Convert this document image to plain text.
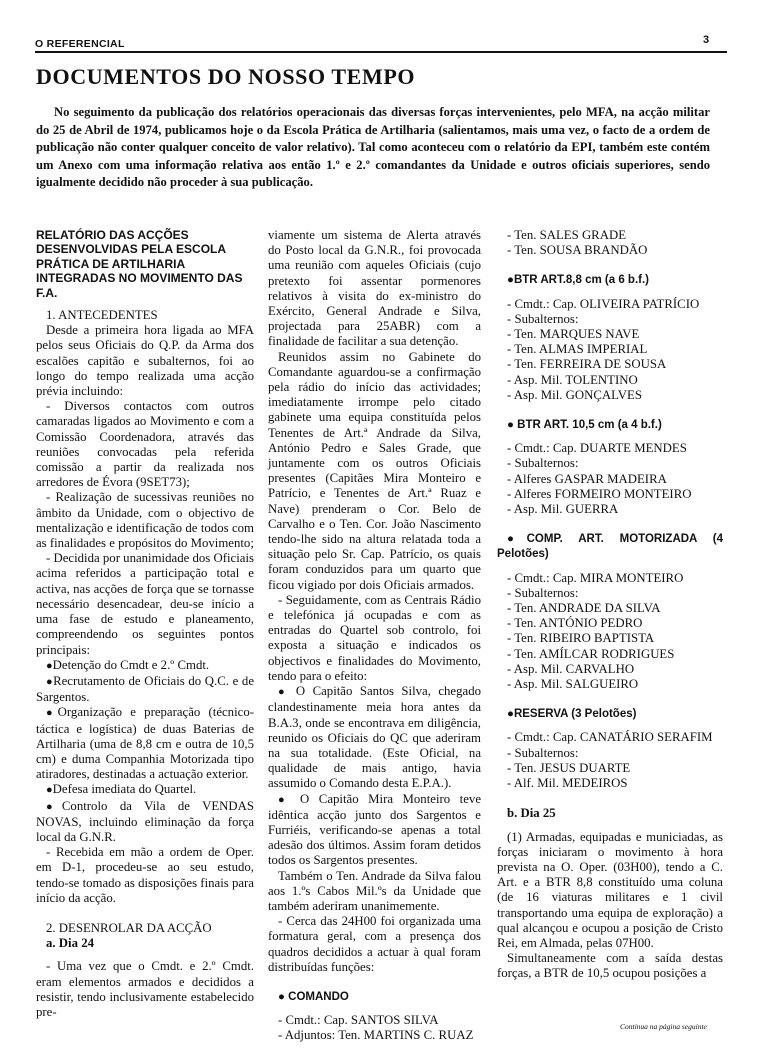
O REFERENCIAL	3
DOCUMENTOS DO NOSSO TEMPO
No seguimento da publicação dos relatórios operacionais das diversas forças intervenientes, pelo MFA, na acção militar do 25 de Abril de 1974, publicamos hoje o da Escola Prática de Artilharia (salientamos, mais uma vez, o facto de a ordem de publicação não conter qualquer conceito de valor relativo). Tal como aconteceu com o relatório da EPI, também este contém um Anexo com uma informação relativa aos então 1.º e 2.º comandantes da Unidade e outros oficiais superiores, sendo igualmente decidido não proceder à sua publicação.
RELATÓRIO DAS ACÇÕES DESENVOLVIDAS PELA ESCOLA PRÁTICA DE ARTILHARIA INTEGRADAS NO MOVIMENTO DAS F.A.

1. ANTECEDENTES

Desde a primeira hora ligada ao MFA pelos seus Oficiais do Q.P. da Arma dos escalões capitão e subalternos, foi ao longo do tempo realizada uma acção prévia incluindo:

- Diversos contactos com outros camaradas ligados ao Movimento e com a Comissão Coordenadora, através das reuniões convocadas pela referida comissão a partir da realizada nos arredores de Évora (9SET73);

- Realização de sucessivas reuniões no âmbito da Unidade, com o objectivo de mentalização e identificação de todos com as finalidades e propósitos do Movimento;

- Decidida por unanimidade dos Oficiais acima referidos a participação total e activa, nas acções de força que se tornasse necessário desencadear, deu-se início a uma fase de estudo e planeamento, compreendendo os seguintes pontos principais:

●Detenção do Cmdt e 2.º Cmdt.

●Recrutamento de Oficiais do Q.C. e de Sargentos.

●Organização e preparação (técnico-táctica e logística) de duas Baterias de Artilharia (uma de 8,8 cm e outra de 10,5 cm) e duma Companhia Motorizada tipo atiradores, destinadas a actuação exterior.

●Defesa imediata do Quartel.

●Controlo da Vila de VENDAS NOVAS, incluindo eliminação da força local da G.N.R.

- Recebida em mão a ordem de Oper. em D-1, procedeu-se ao seu estudo, tendo-se tomado as disposições finais para início da acção.

2. DESENROLAR DA ACÇÃO

a. Dia 24

- Uma vez que o Cmdt. e 2.º Cmdt. eram elementos armados e decididos a resistir, tendo inclusivamente estabelecido pre-

viamente um sistema de Alerta através do Posto local da G.N.R., foi provocada uma reunião com aqueles Oficiais (cujo pretexto foi assentar pormenores relativos à visita do ex-ministro do Exército, General Andrade e Silva, projectada para 25ABR) com a finalidade de facilitar a sua detenção.

Reunidos assim no Gabinete do Comandante aguardou-se a confirmação pela rádio do início das actividades; imediatamente irrompe pelo citado gabinete uma equipa constituída pelos Tenentes de Art.ª Andrade da Silva, António Pedro e Sales Grade, que juntamente com os outros Oficiais presentes (Capitães Mira Monteiro e Patrício, e Tenentes de Art.ª Ruaz e Nave) prenderam o Cor. Belo de Carvalho e o Ten. Cor. João Nascimento tendo-lhe sido na altura relatada toda a situação pelo Sr. Cap. Patrício, os quais foram conduzidos para um quarto que ficou vigiado por dois Oficiais armados.

- Seguidamente, com as Centrais Rádio e telefónica já ocupadas e com as entradas do Quartel sob controlo, foi exposta a situação e indicados os objectivos e finalidades do Movimento, tendo para o efeito:

● O Capitão Santos Silva, chegado clandestinamente meia hora antes da B.A.3, onde se encontrava em diligência, reunido os Oficiais do QC que aderiram na sua totalidade. (Este Oficial, na qualidade de mais antigo, havia assumido o Comando desta E.P.A.).

● O Capitão Mira Monteiro teve idêntica acção junto dos Sargentos e Furriéis, verificando-se apenas a total adesão dos últimos. Assim foram detidos todos os Sargentos presentes.

Também o Ten. Andrade da Silva falou aos 1.ºs Cabos Mil.ºs da Unidade que também aderiram unanimemente.

- Cerca das 24H00 foi organizada uma formatura geral, com a presença dos quadros decididos a actuar à qual foram distribuídas funções:

● COMANDO

- Cmdt.: Cap. SANTOS SILVA

- Adjuntos: Ten. MARTINS C. RUAZ

- Ten. SALES GRADE

- Ten. SOUSA BRANDÃO

●BTR ART.8,8 cm (a 6 b.f.)

- Cmdt.: Cap. OLIVEIRA PATRÍCIO

- Subalternos:

- Ten. MARQUES NAVE

- Ten. ALMAS IMPERIAL

- Ten. FERREIRA DE SOUSA

- Asp. Mil. TOLENTINO

- Asp. Mil. GONÇALVES

● BTR ART. 10,5 cm (a 4 b.f.)

- Cmdt.: Cap. DUARTE MENDES

- Subalternos:

- Alferes GASPAR MADEIRA

- Alferes FORMEIRO MONTEIRO

- Asp. Mil. GUERRA

●COMP. ART. MOTORIZADA (4 Pelotões)

- Cmdt.: Cap. MIRA MONTEIRO

- Subalternos:

- Ten. ANDRADE DA SILVA

- Ten. ANTÓNIO PEDRO

- Ten. RIBEIRO BAPTISTA

- Ten. AMÍLCAR RODRIGUES

- Asp. Mil. CARVALHO

- Asp. Mil. SALGUEIRO

●RESERVA (3 Pelotões)

- Cmdt.: Cap. CANATÁRIO SERAFIM

- Subalternos:

- Ten. JESUS DUARTE

- Alf. Mil. MEDEIROS

b. Dia 25

(1) Armadas, equipadas e municiadas, as forças iniciaram o movimento à hora prevista na O. Oper. (03H00), tendo a C. Art. e a BTR 8,8 constituído uma coluna (de 16 viaturas militares e 1 civil transportando uma equipa de exploração) a qual alcançou e ocupou a posição de Cristo Rei, em Almada, pelas 07H00.

Simultaneamente com a saída destas forças, a BTR de 10,5 ocupou posições a

Continua na página seguinte
